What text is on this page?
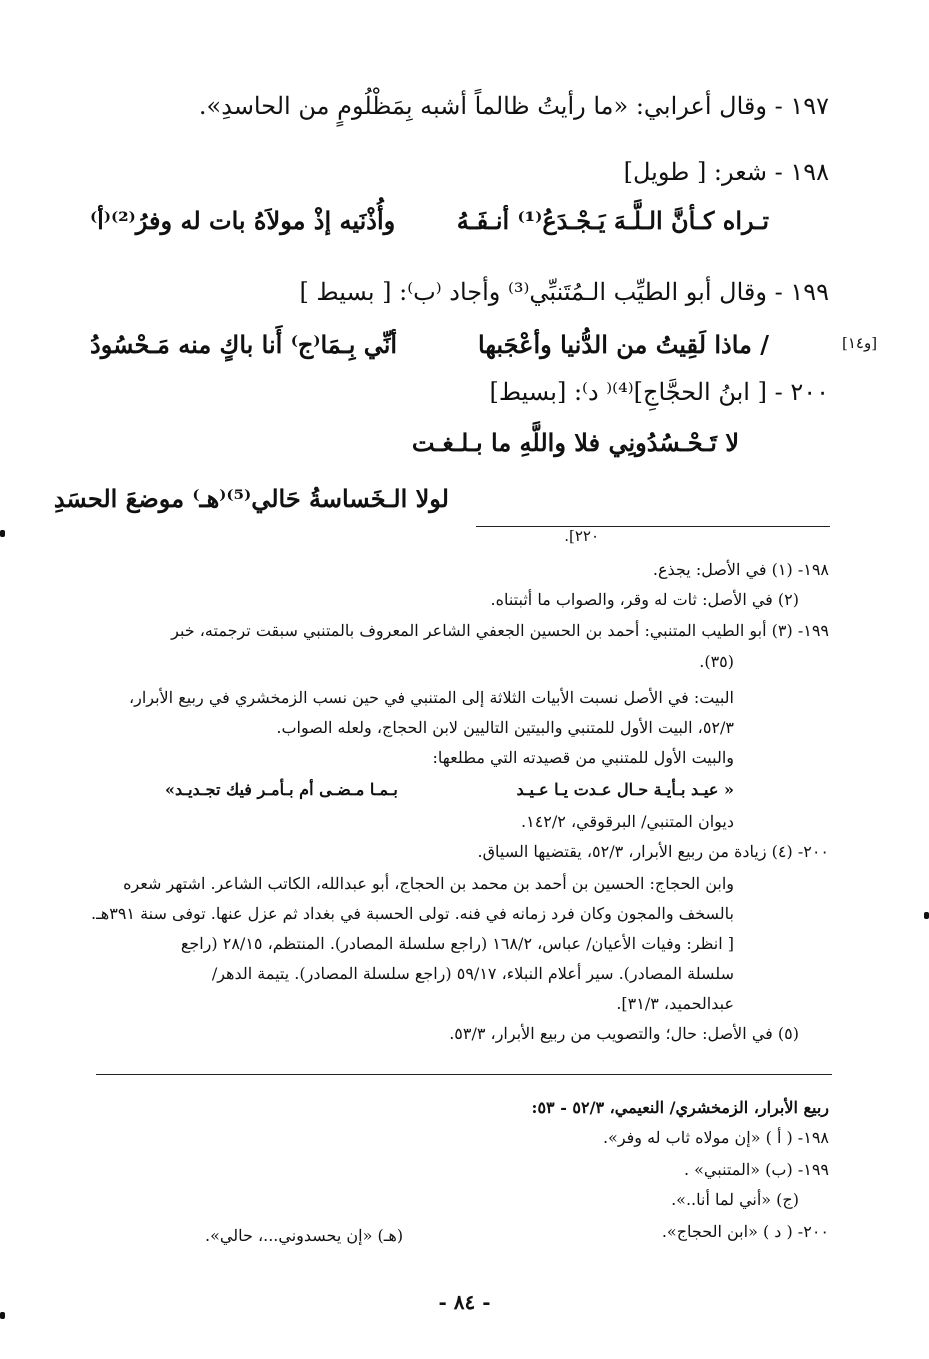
١٩٧ - وقال أعرابي: «ما رأيتُ ظالماً أشبه بِمَظْلُومٍ من الحاسدِ».
١٩٨ - شعر: [ طويل]
تـراه كـأنَّ الـلَّـهَ يَـجْـدَعُ⁽¹⁾ أنـفَـهُ
وأُذْنَيه إذْ مولاَهُ بات له وفرُ⁽²⁾⁽أ⁾
١٩٩ - وقال أبو الطيِّب الـمُتَنبِّي⁽³⁾ وأجاد ⁽ب⁾: [ بسيط ]
[و١٤]
/ ماذا لَقِيتُ من الدُّنيا وأعْجَبها
أنِّي بِـمَا⁽ج⁾ أَنا باكٍ منه مَـحْسُودُ
٢٠٠ - [ ابنُ الحجَّاجِ]⁽⁴⁾⁽ د⁾: [بسيط]
لا تَـحْـسُدُونِي فلا واللَّهِ ما بـلـغـت
لولا الـخَساسةُ حَالي⁽⁵⁾⁽هـ⁾ موضعَ الحسَدِ
٢٢٠].
١٩٨- (١) في الأصل: يجذع.
(٢) في الأصل: ثات له وقر، والصواب ما أثبتناه.
١٩٩- (٣) أبو الطيب المتنبي: أحمد بن الحسين الجعفي الشاعر المعروف بالمتنبي سبقت ترجمته، خبر
(٣٥).
البيت: في الأصل نسبت الأبيات الثلاثة إلى المتنبي في حين نسب الزمخشري في ربيع الأبرار،
٥٢/٣، البيت الأول للمتنبي والبيتين التاليين لابن الحجاج، ولعله الصواب.
والبيت الأول للمتنبي من قصيدته التي مطلعها:
« عيـد بـأيـة حـال عـدت يـا عـيـد
بـمـا مـضـى أم بـأمـر فيك تجـديـد»
ديوان المتنبي/ البرقوقي، ١٤٢/٢.
٢٠٠- (٤) زيادة من ربيع الأبرار، ٥٢/٣، يقتضيها السياق.
وابن الحجاج: الحسين بن أحمد بن محمد بن الحجاج، أبو عبدالله، الكاتب الشاعر. اشتهر شعره
بالسخف والمجون وكان فرد زمانه في فنه. تولى الحسبة في بغداد ثم عزل عنها. توفى سنة ٣٩١هـ.
[ انظر: وفيات الأعيان/ عباس، ١٦٨/٢ (راجع سلسلة المصادر). المنتظم، ٢٨/١٥ (راجع
سلسلة المصادر). سير أعلام النبلاء، ٥٩/١٧ (راجع سلسلة المصادر). يتيمة الدهر/
عبدالحميد، ٣١/٣].
(٥) في الأصل: حال؛ والتصويب من ربيع الأبرار، ٥٣/٣.
ربيع الأبرار، الزمخشري/ النعيمي، ٥٢/٣ - ٥٣:
١٩٨- ( أ ) «إن مولاه ثاب له وفر».
١٩٩- (ب) «المتنبي» .
(ج) «أني لما أنا..».
٢٠٠- ( د ) «ابن الحجاج».
(هـ) «إن يحسدوني...، حالي».
- ٨٤ -
